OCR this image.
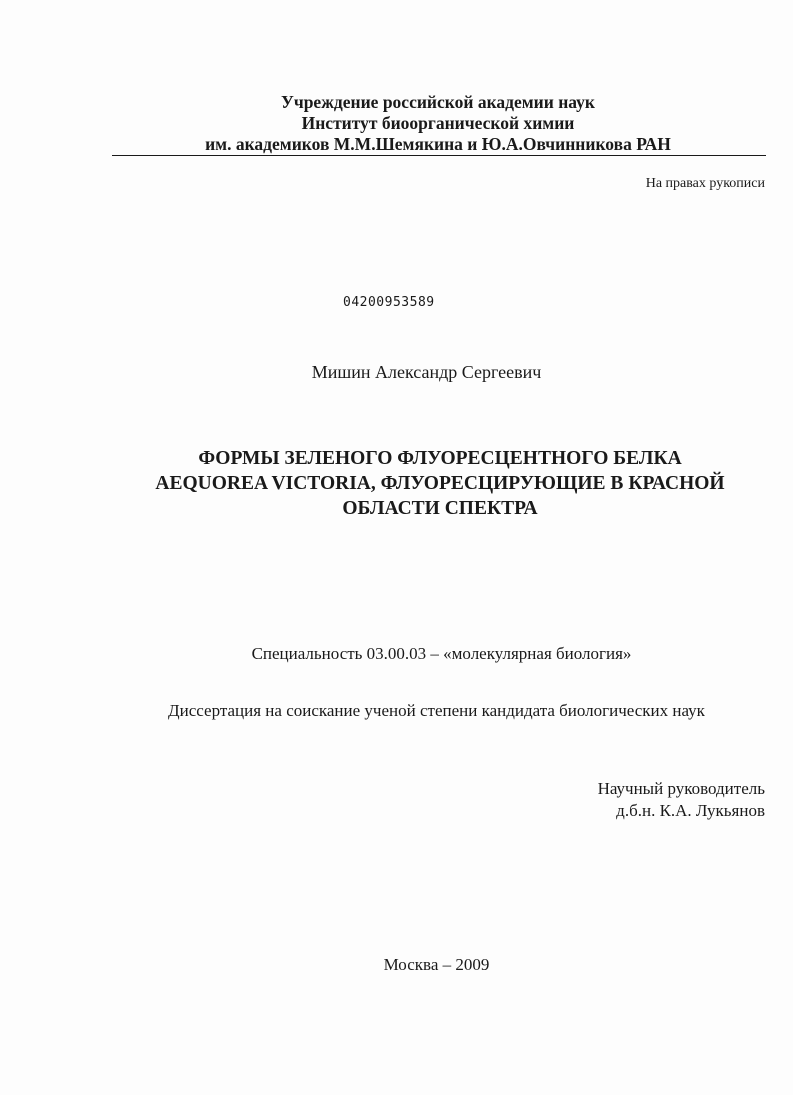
Учреждение российской академии наук
Институт биоорганической химии
им. академиков М.М.Шемякина и Ю.А.Овчинникова РАН
На правах рукописи
04200953589
Мишин Александр Сергеевич
ФОРМЫ ЗЕЛЕНОГО ФЛУОРЕСЦЕНТНОГО БЕЛКА
AEQUOREA VICTORIA, ФЛУОРЕСЦИРУЮЩИЕ В КРАСНОЙ
ОБЛАСТИ СПЕКТРА
Специальность 03.00.03 – «молекулярная биология»
Диссертация на соискание ученой степени кандидата биологических наук
Научный руководитель
д.б.н. К.А. Лукьянов
Москва – 2009
